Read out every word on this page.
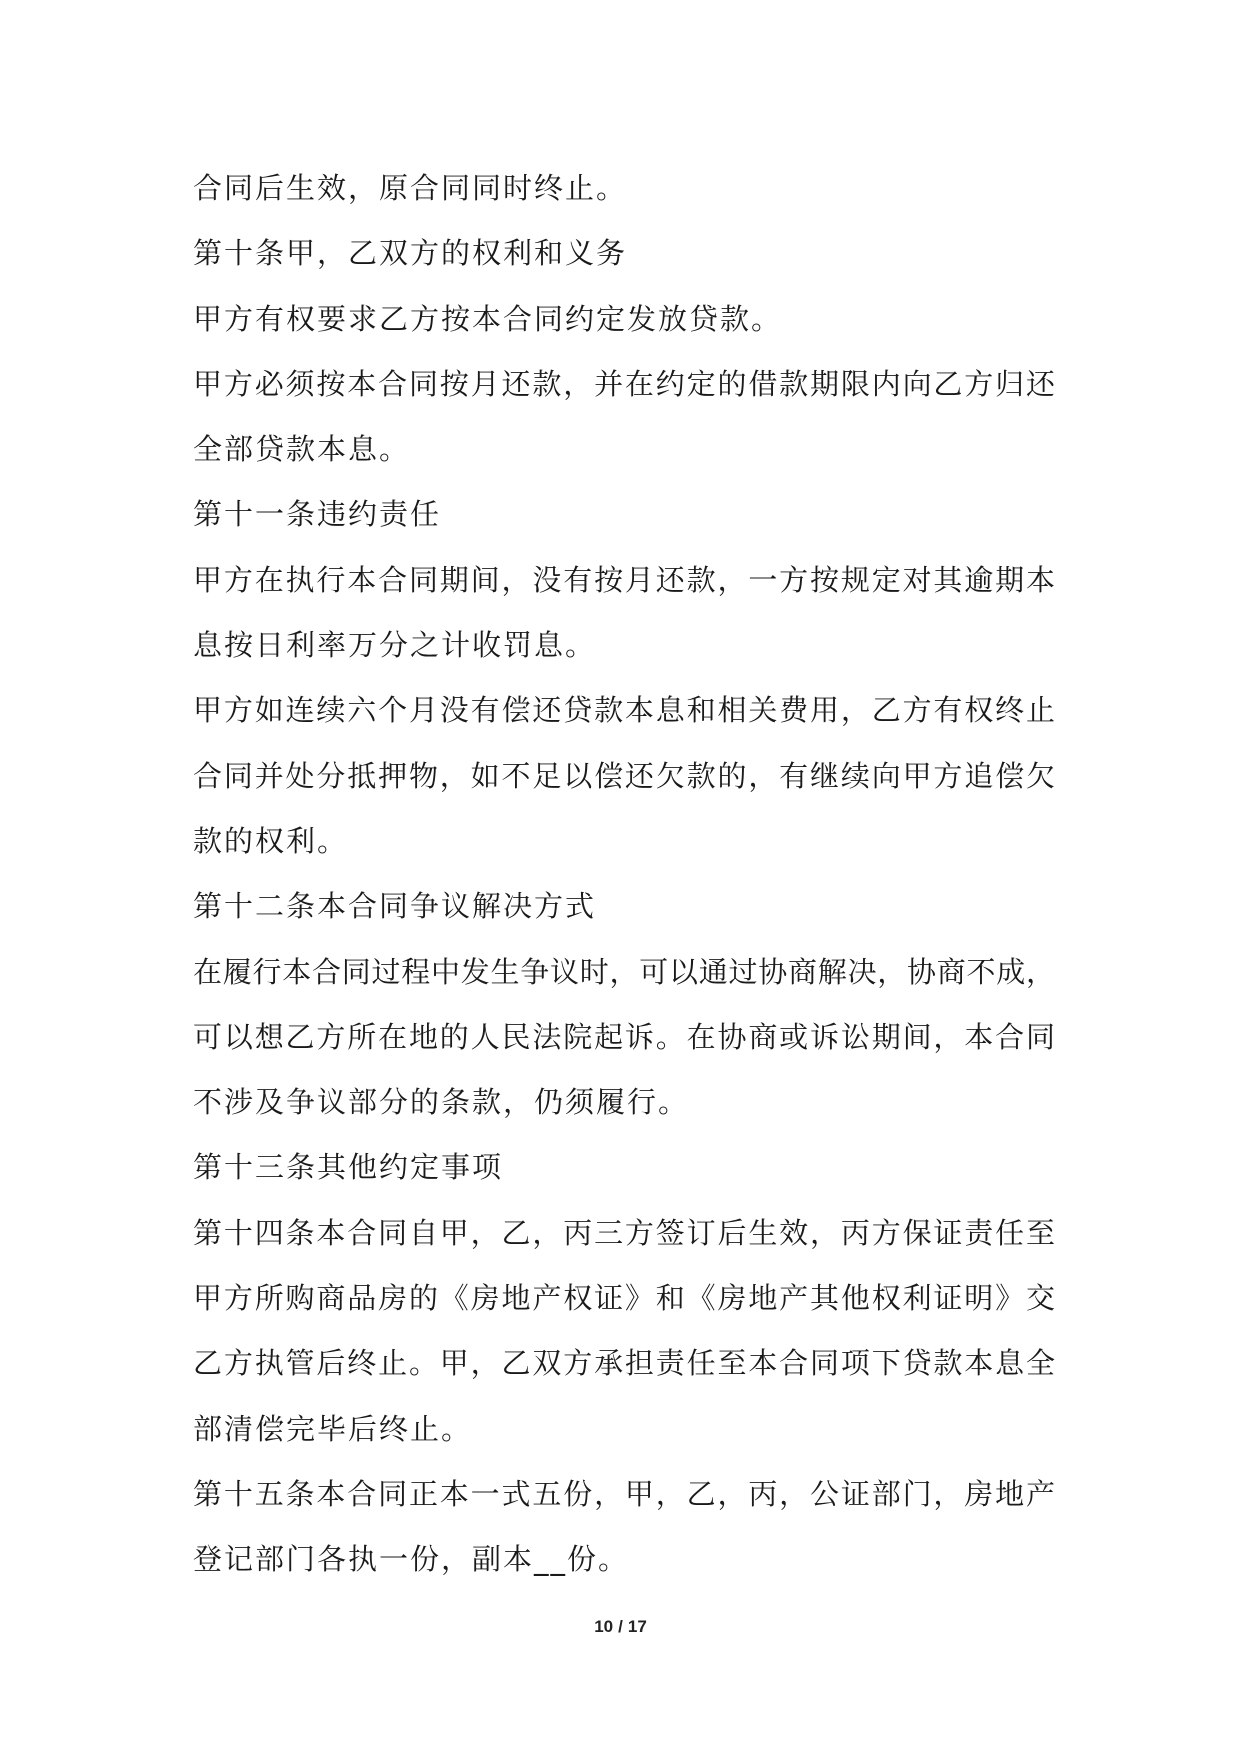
合同后生效，原合同同时终止。
第十条甲，乙双方的权利和义务
甲方有权要求乙方按本合同约定发放贷款。
甲方必须按本合同按月还款，并在约定的借款期限内向乙方归还
全部贷款本息。
第十一条违约责任
甲方在执行本合同期间，没有按月还款，一方按规定对其逾期本
息按日利率万分之计收罚息。
甲方如连续六个月没有偿还贷款本息和相关费用，乙方有权终止
合同并处分抵押物，如不足以偿还欠款的，有继续向甲方追偿欠
款的权利。
第十二条本合同争议解决方式
在履行本合同过程中发生争议时，可以通过协商解决，协商不成，
可以想乙方所在地的人民法院起诉。在协商或诉讼期间，本合同
不涉及争议部分的条款，仍须履行。
第十三条其他约定事项
第十四条本合同自甲，乙，丙三方签订后生效，丙方保证责任至
甲方所购商品房的《房地产权证》和《房地产其他权利证明》交
乙方执管后终止。甲，乙双方承担责任至本合同项下贷款本息全
部清偿完毕后终止。
第十五条本合同正本一式五份，甲，乙，丙，公证部门，房地产
登记部门各执一份，副本__份。
10 / 17
